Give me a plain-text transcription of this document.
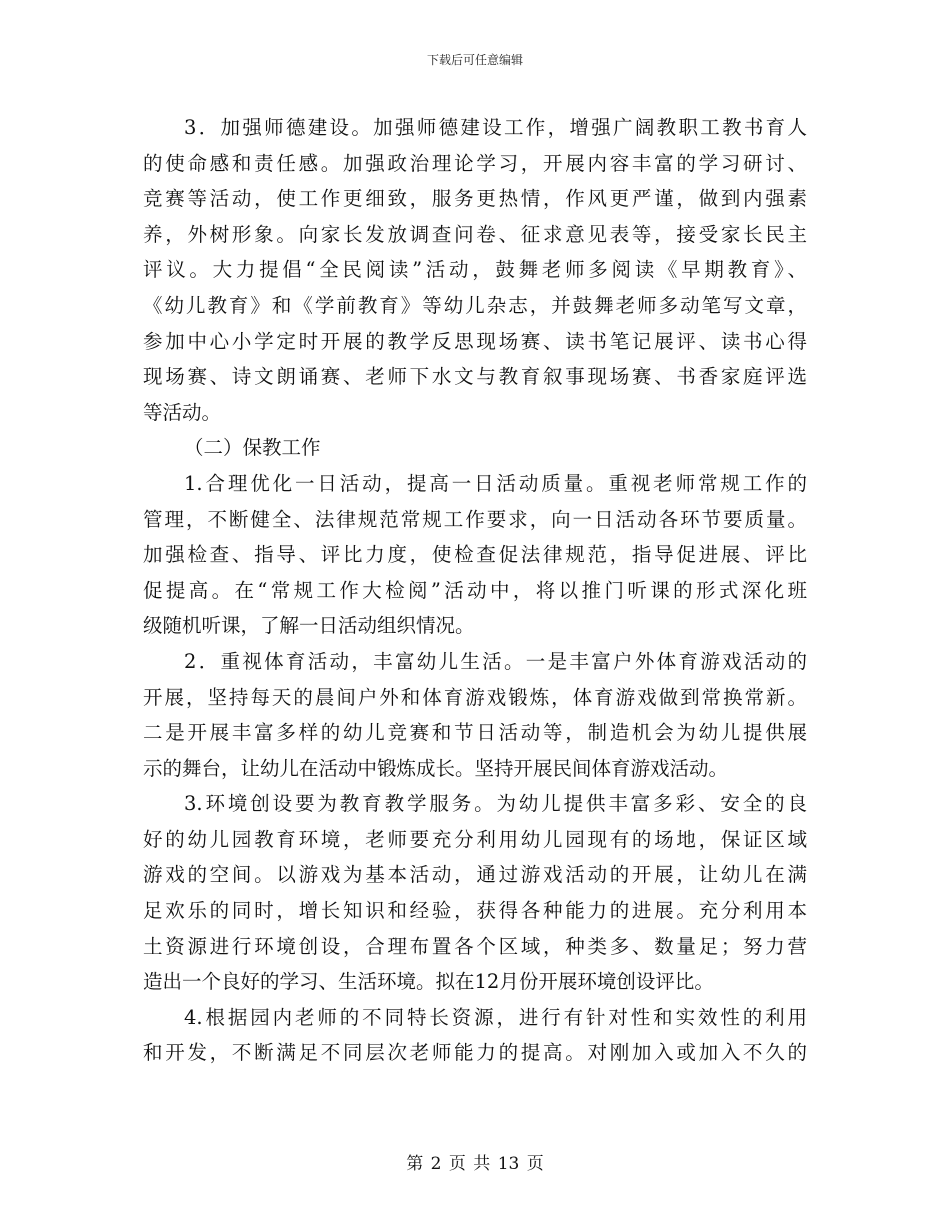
下载后可任意编辑
3．加强师德建设。加强师德建设工作，增强广阔教职工教书育人
的使命感和责任感。加强政治理论学习，开展内容丰富的学习研讨、
竞赛等活动，使工作更细致，服务更热情，作风更严谨，做到内强素
养，外树形象。向家长发放调查问卷、征求意见表等，接受家长民主
评议。大力提倡“全民阅读”活动，鼓舞老师多阅读《早期教育》、
《幼儿教育》和《学前教育》等幼儿杂志，并鼓舞老师多动笔写文章，
参加中心小学定时开展的教学反思现场赛、读书笔记展评、读书心得
现场赛、诗文朗诵赛、老师下水文与教育叙事现场赛、书香家庭评选
等活动。
（二）保教工作
1.合理优化一日活动，提高一日活动质量。重视老师常规工作的
管理，不断健全、法律规范常规工作要求，向一日活动各环节要质量。
加强检查、指导、评比力度，使检查促法律规范，指导促进展、评比
促提高。在“常规工作大检阅”活动中，将以推门听课的形式深化班
级随机听课，了解一日活动组织情况。
2．重视体育活动，丰富幼儿生活。一是丰富户外体育游戏活动的
开展，坚持每天的晨间户外和体育游戏锻炼，体育游戏做到常换常新。
二是开展丰富多样的幼儿竞赛和节日活动等，制造机会为幼儿提供展
示的舞台，让幼儿在活动中锻炼成长。坚持开展民间体育游戏活动。
3.环境创设要为教育教学服务。为幼儿提供丰富多彩、安全的良
好的幼儿园教育环境，老师要充分利用幼儿园现有的场地，保证区域
游戏的空间。以游戏为基本活动，通过游戏活动的开展，让幼儿在满
足欢乐的同时，增长知识和经验，获得各种能力的进展。充分利用本
土资源进行环境创设，合理布置各个区域，种类多、数量足；努力营
造出一个良好的学习、生活环境。拟在12月份开展环境创设评比。
4.根据园内老师的不同特长资源，进行有针对性和实效性的利用
和开发，不断满足不同层次老师能力的提高。对刚加入或加入不久的
第 2 页 共 13 页
